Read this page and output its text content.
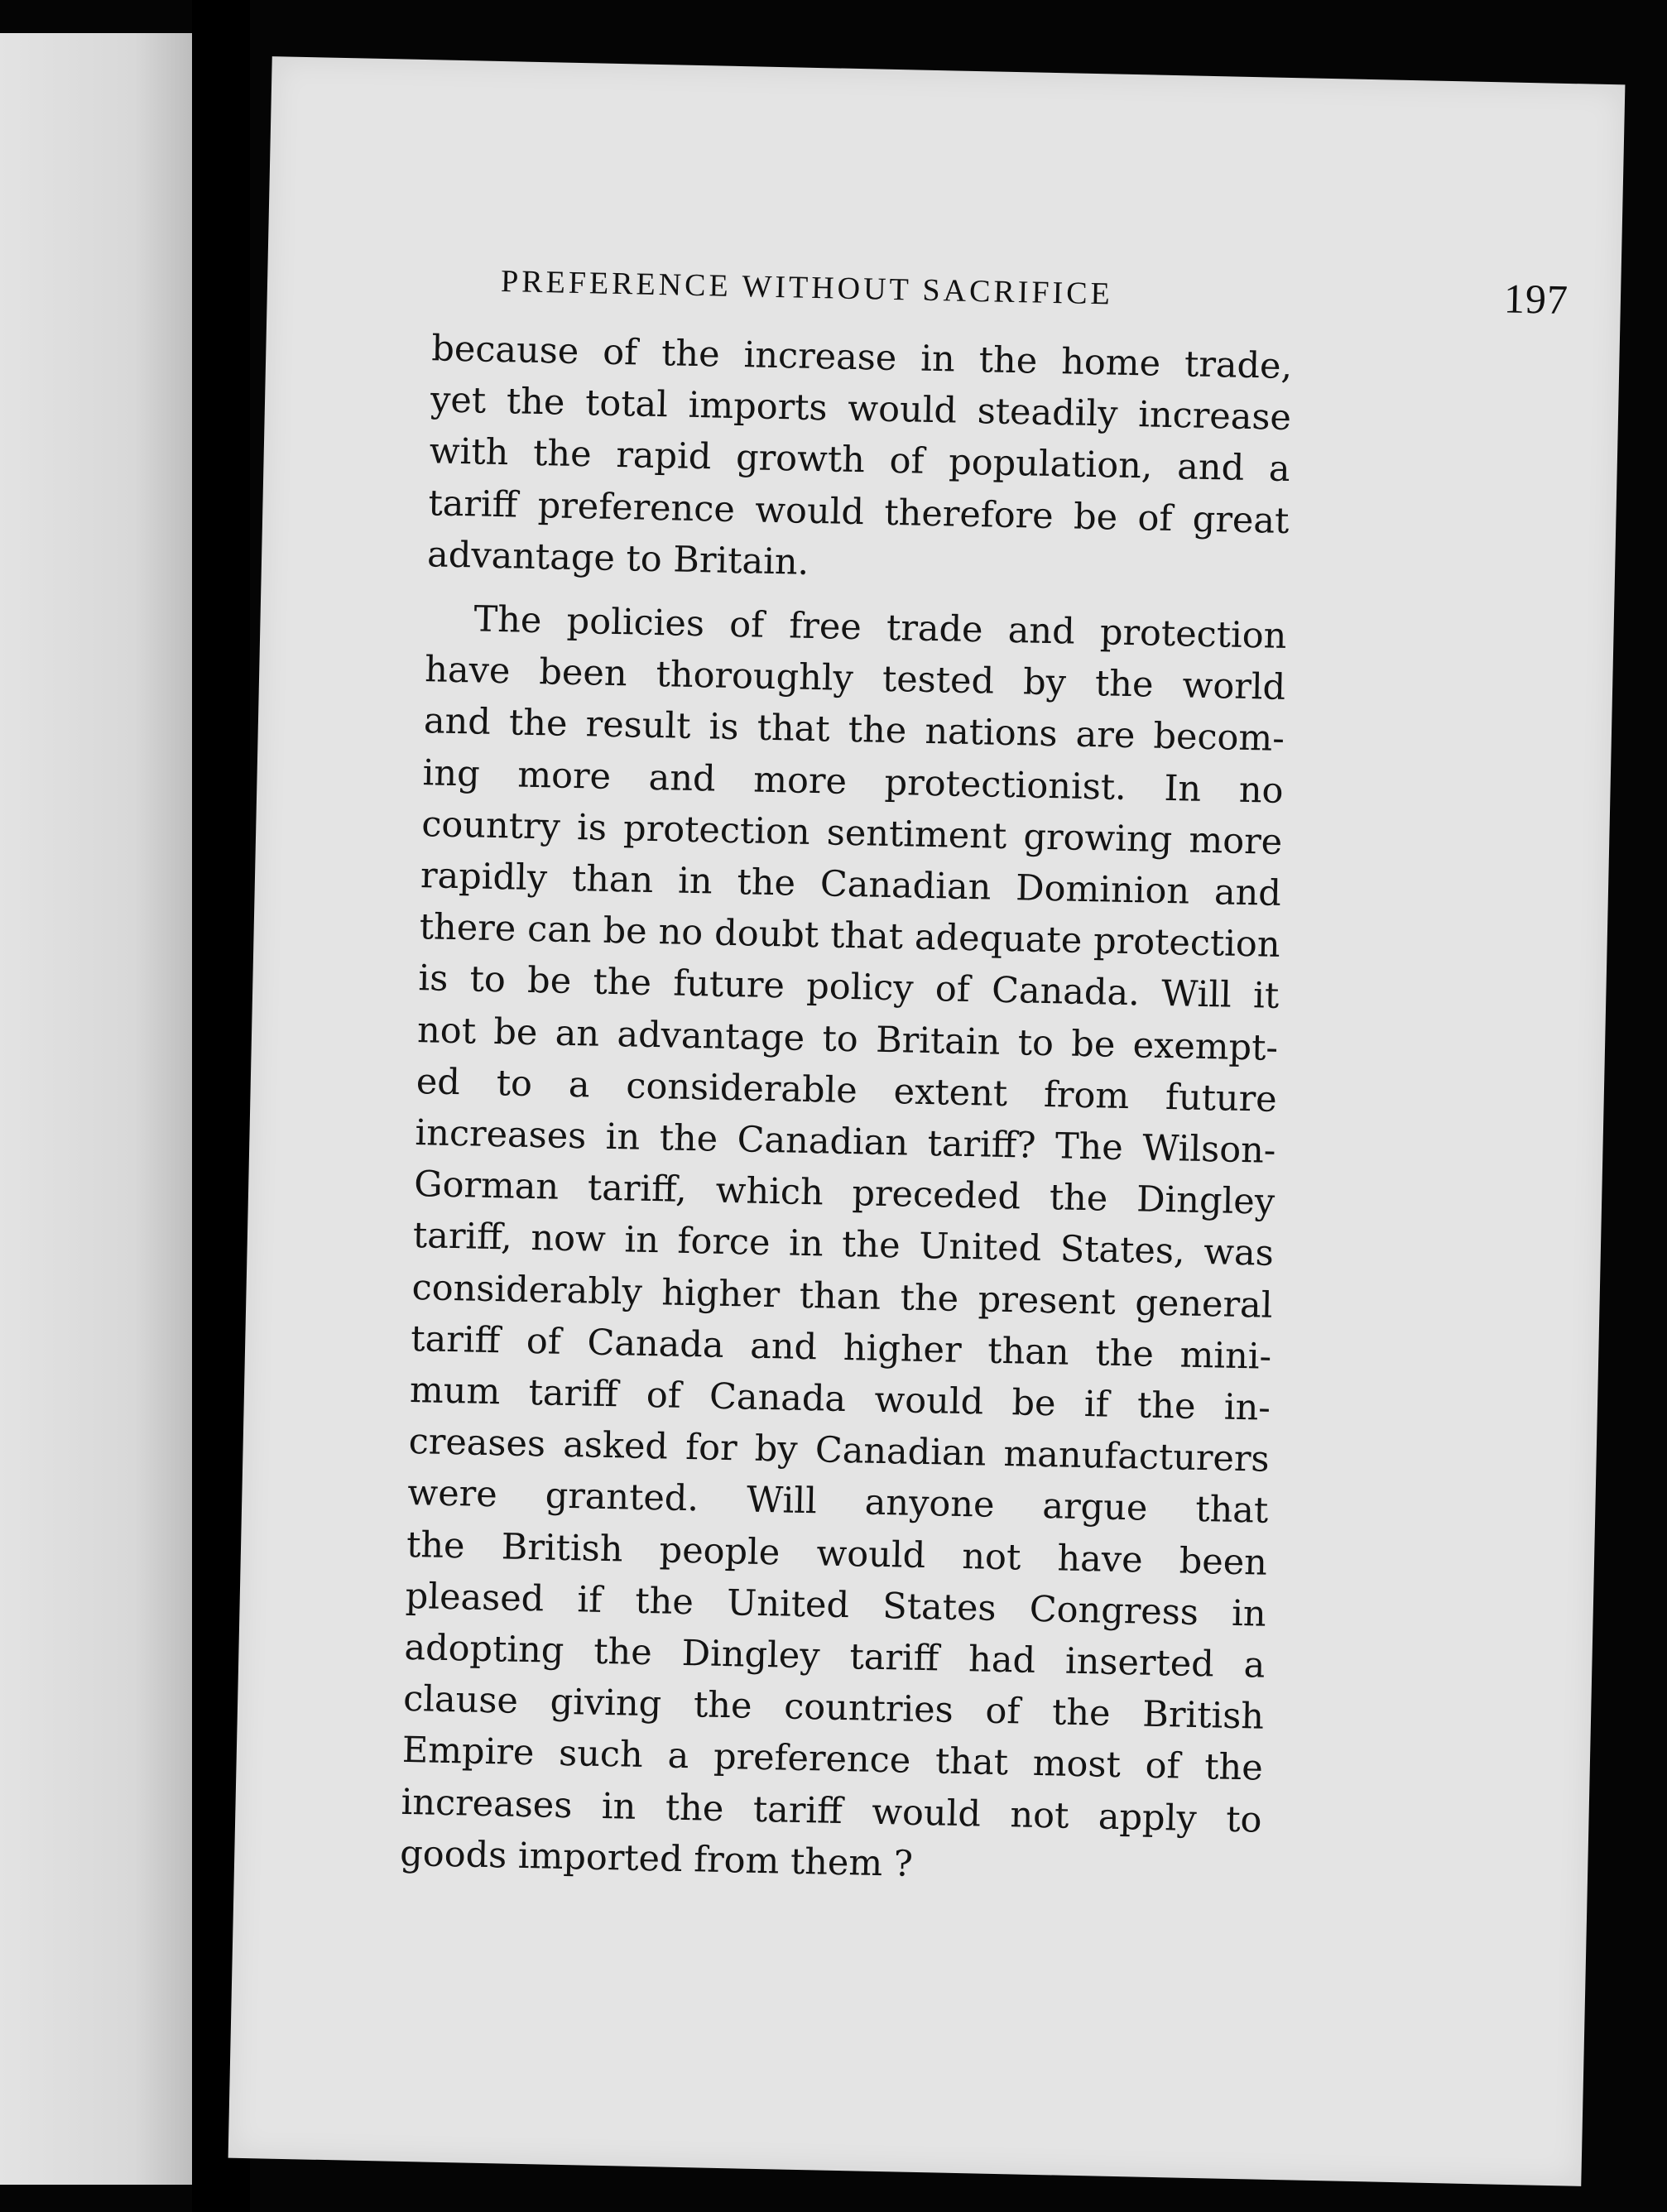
PREFERENCE WITHOUT SACRIFICE	197

because of the increase in the home trade,
yet the total imports would steadily increase
with the rapid growth of population, and a
tariff preference would therefore be of great
advantage to Britain.

The policies of free trade and protection
have been thoroughly tested by the world
and the result is that the nations are becom-
ing more and more protectionist. In no
country is protection sentiment growing more
rapidly than in the Canadian Dominion and
there can be no doubt that adequate protection
is to be the future policy of Canada. Will it
not be an advantage to Britain to be exempt-
ed to a considerable extent from future
increases in the Canadian tariff? The Wilson-
Gorman tariff, which preceded the Dingley
tariff, now in force in the United States, was
considerably higher than the present general
tariff of Canada and higher than the mini-
mum tariff of Canada would be if the in-
creases asked for by Canadian manufacturers
were granted. Will anyone argue that
the British people would not have been
pleased if the United States Congress in
adopting the Dingley tariff had inserted a
clause giving the countries of the British
Empire such a preference that most of the
increases in the tariff would not apply to
goods imported from them ?
